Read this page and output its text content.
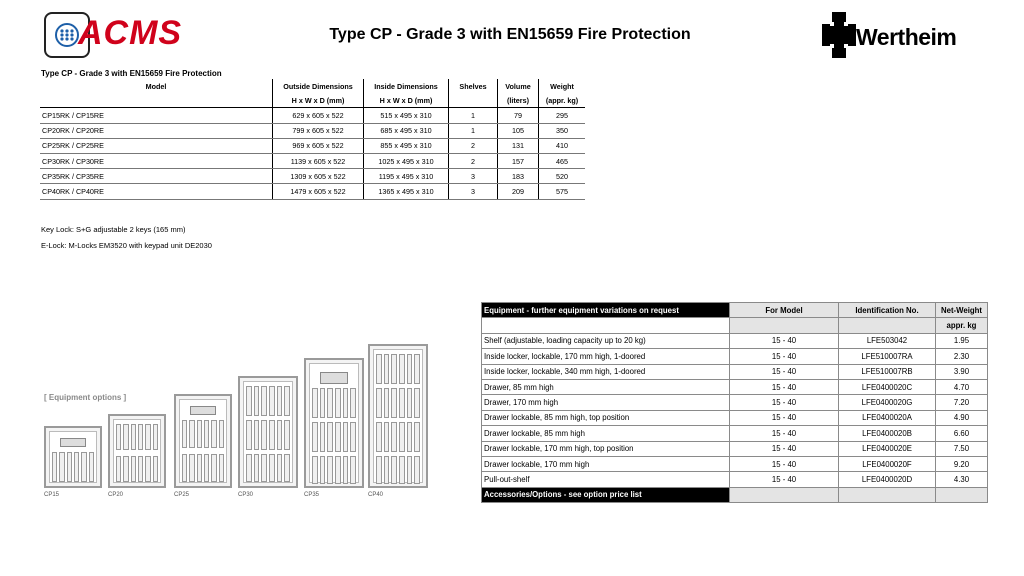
ACMS	Type CP - Grade 3 with EN15659 Fire Protection	Wertheim
Type CP - Grade 3 with EN15659 Fire Protection
Model	Outside Dimensions	Inside Dimensions	Shelves	Volume	Weight
	H x W x D (mm)	H x W x D (mm)		(liters)	(appr. kg)
CP15RK / CP15RE	629 x 605 x 522	515 x 495 x 310	1	79	295
CP20RK / CP20RE	799 x 605 x 522	685 x 495 x 310	1	105	350
CP25RK / CP25RE	969 x 605 x 522	855 x 495 x 310	2	131	410
CP30RK / CP30RE	1139 x 605 x 522	1025 x 495 x 310	2	157	465
CP35RK / CP35RE	1309 x 605 x 522	1195 x 495 x 310	3	183	520
CP40RK / CP40RE	1479 x 605 x 522	1365 x 495 x 310	3	209	575
Key Lock: S+G adjustable 2 keys (165 mm)
E-Lock: M-Locks EM3520 with keypad unit DE2030
[ Equipment options ]
CP15	CP20	CP25	CP30	CP35	CP40
Equipment - further equipment variations on request	For Model	Identification No.	Net-Weight
			appr. kg
Shelf (adjustable, loading capacity up to 20 kg)	15 - 40	LFE503042	1.95
Inside locker, lockable, 170 mm high, 1-doored	15 - 40	LFE510007RA	2.30
Inside locker, lockable, 340 mm high, 1-doored	15 - 40	LFE510007RB	3.90
Drawer, 85 mm high	15 - 40	LFE0400020C	4.70
Drawer, 170 mm high	15 - 40	LFE0400020G	7.20
Drawer lockable, 85 mm high, top position	15 - 40	LFE0400020A	4.90
Drawer lockable, 85 mm high	15 - 40	LFE0400020B	6.60
Drawer lockable, 170 mm high, top position	15 - 40	LFE0400020E	7.50
Drawer lockable, 170 mm high	15 - 40	LFE0400020F	9.20
Pull-out-shelf	15 - 40	LFE0400020D	4.30
Accessories/Options - see option price list			
